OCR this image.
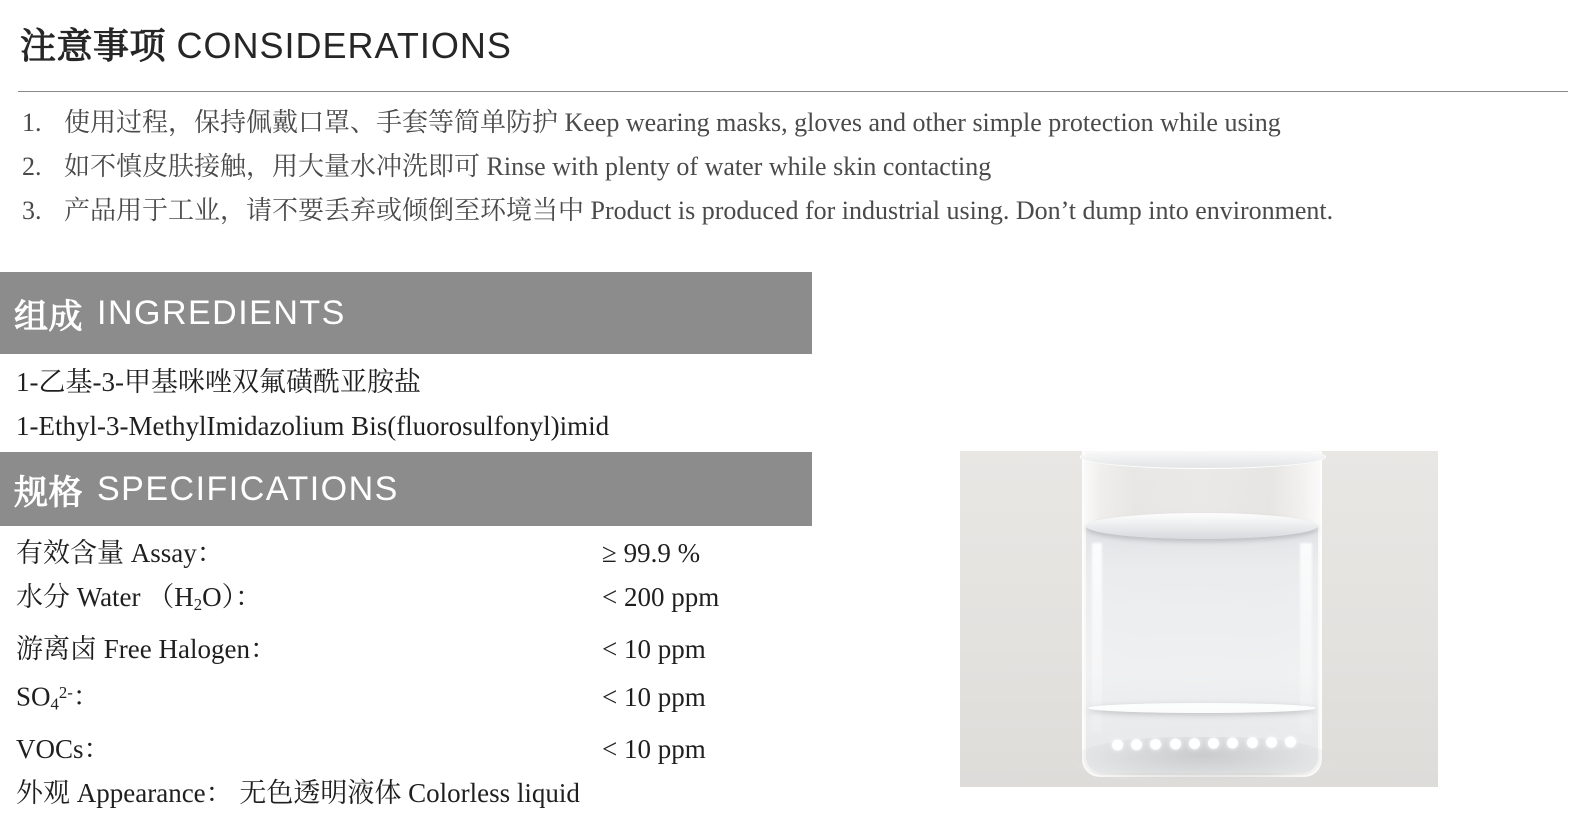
注意事项 CONSIDERATIONS
1. 使用过程，保持佩戴口罩、手套等简单防护 Keep wearing masks, gloves and other simple protection while using
2. 如不慎皮肤接触，用大量水冲洗即可 Rinse with plenty of water while skin contacting
3. 产品用于工业，请不要丢弃或倾倒至环境当中 Product is produced for industrial using. Don’t dump into environment.
组成 INGREDIENTS
1-乙基-3-甲基咪唑双氟磺酰亚胺盐
1-Ethyl-3-MethylImidazolium Bis(fluorosulfonyl)imid
规格 SPECIFICATIONS
有效含量 Assay：	≥ 99.9 %
水分 Water $(H_2O)$：	< 200 ppm
游离卤 Free Halogen：	< 10 ppm
$SO_4^{2-}$：	< 10 ppm
VOCs：	< 10 ppm
外观 Appearance： 无色透明液体 Colorless liquid
